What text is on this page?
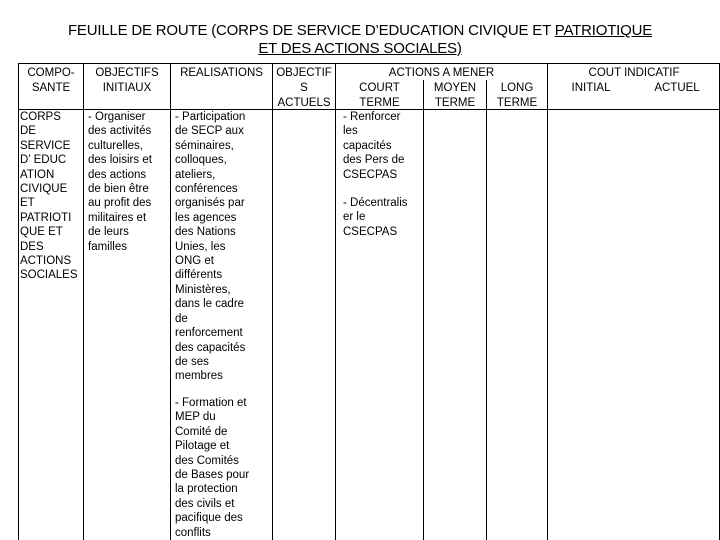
FEUILLE DE ROUTE (CORPS DE SERVICE D’EDUCATION CIVIQUE ET PATRIOTIQUE
ET DES ACTIONS SOCIALES)
COMPO-
SANTE
OBJECTIFS
INITIAUX
REALISATIONS	OBJECTIF
S
ACTUELS
ACTIONS A MENER
COURT
TERME
MOYEN
TERME
LONG
TERME
COUT INDICATIF
INITIAL	ACTUEL
CORPS
DE
SERVICE
D’ EDUC
ATION
CIVIQUE
ET
PATRIOTI
QUE ET
DES
ACTIONS
SOCIALES
- Organiser
des activités
culturelles,
des loisirs et
des actions
de bien être
au profit des
militaires et
de leurs
familles
- Participation
de SECP aux
séminaires,
colloques,
ateliers,
conférences
organisés par
les agences
des Nations
Unies, les
ONG et
différents
Ministères,
dans le cadre
de
renforcement
des capacités
de ses
membres
- Formation et
MEP du
Comité de
Pilotage et
des Comités
de Bases pour
la protection
des civils et
pacifique des
conflits
- Renforcer
les
capacités
des Pers de
CSECPAS
- Décentralis
er le
CSECPAS
